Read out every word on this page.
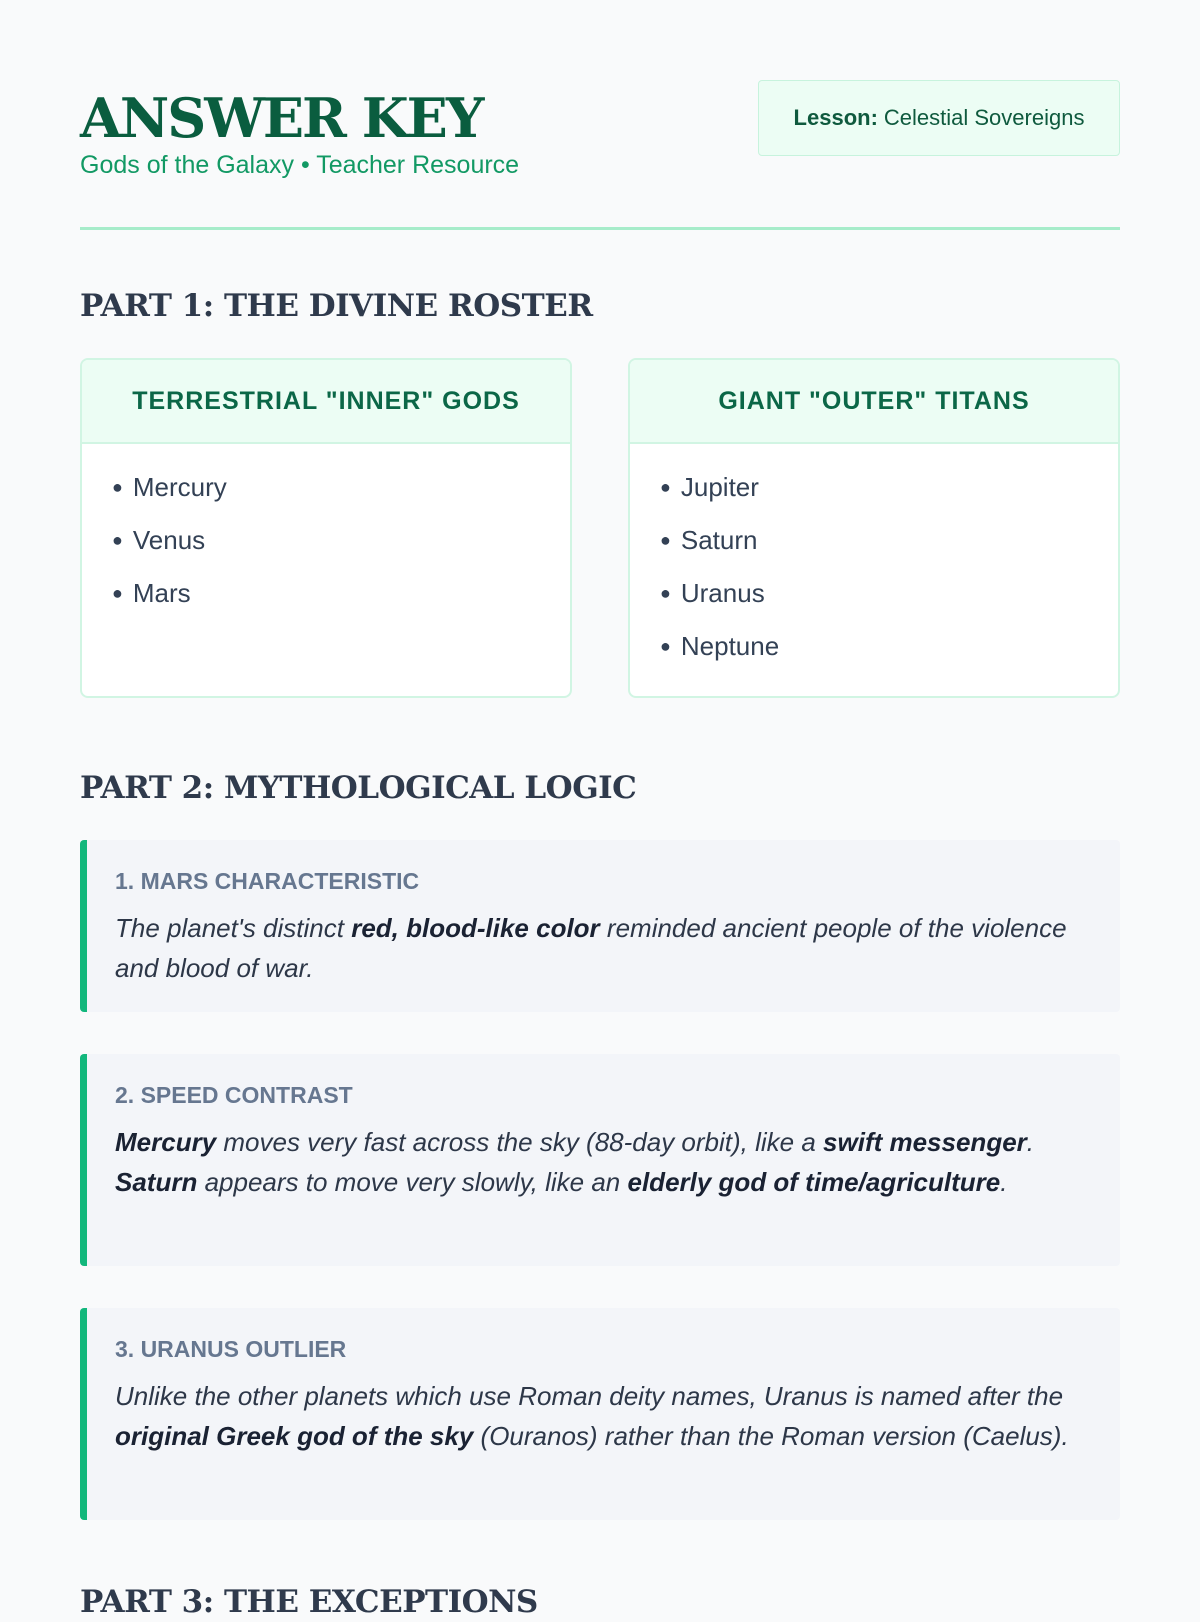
ANSWER KEY
Gods of the Galaxy • Teacher Resource
Lesson: Celestial Sovereigns
PART 1: THE DIVINE ROSTER
TERRESTRIAL "INNER" GODS
● Mercury
● Venus
● Mars
GIANT "OUTER" TITANS
● Jupiter
● Saturn
● Uranus
● Neptune
PART 2: MYTHOLOGICAL LOGIC
1. MARS CHARACTERISTIC
The planet's distinct red, blood-like color reminded ancient people of the violence and blood of war.
2. SPEED CONTRAST
Mercury moves very fast across the sky (88-day orbit), like a swift messenger. Saturn appears to move very slowly, like an elderly god of time/agriculture.
3. URANUS OUTLIER
Unlike the other planets which use Roman deity names, Uranus is named after the original Greek god of the sky (Ouranos) rather than the Roman version (Caelus).
PART 3: THE EXCEPTIONS
